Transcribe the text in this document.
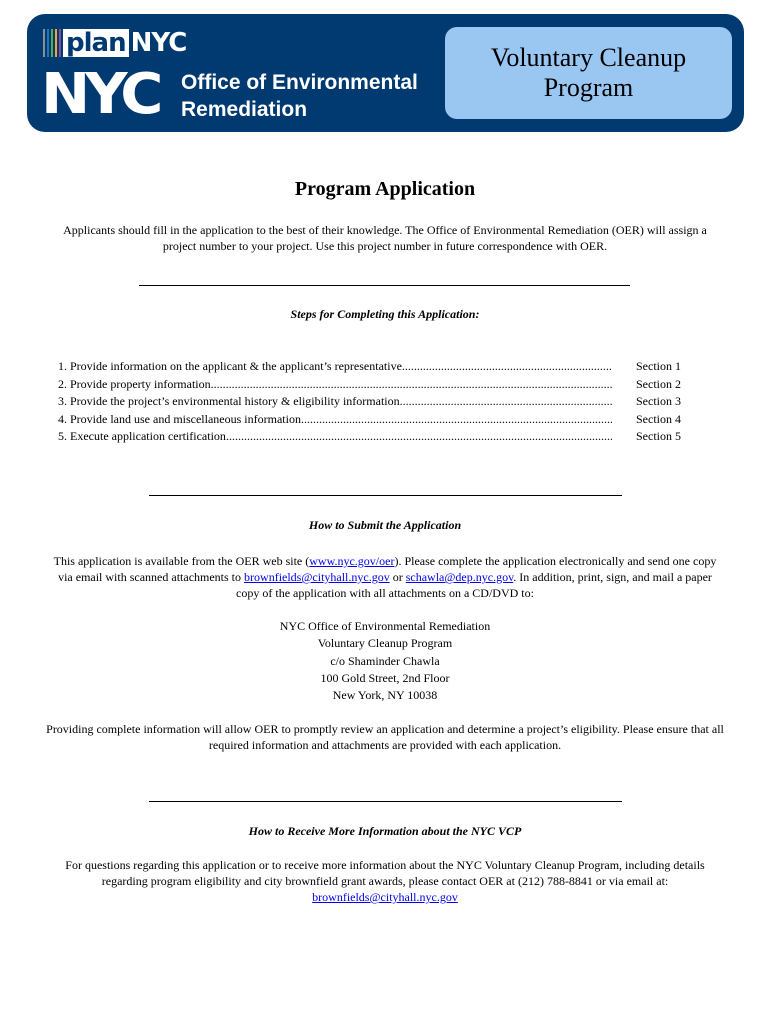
plan NYC
NYC Office of Environmental
Remediation
Voluntary Cleanup
Program
Program Application
Applicants should fill in the application to the best of their knowledge. The Office of Environmental Remediation (OER) will assign a project number to your project. Use this project number in future correspondence with OER.
Steps for Completing this Application:
1. Provide information on the applicant & the applicant’s representative .....	Section 1
2. Provide property information .....	Section 2
3. Provide the project’s environmental history & eligibility information .....	Section 3
4. Provide land use and miscellaneous information .....	Section 4
5. Execute application certification .....	Section 5
How to Submit the Application
This application is available from the OER web site (www.nyc.gov/oer). Please complete the application electronically and send one copy via email with scanned attachments to brownfields@cityhall.nyc.gov or schawla@dep.nyc.gov. In addition, print, sign, and mail a paper copy of the application with all attachments on a CD/DVD to:
NYC Office of Environmental Remediation
Voluntary Cleanup Program
c/o Shaminder Chawla
100 Gold Street, 2nd Floor
New York, NY 10038
Providing complete information will allow OER to promptly review an application and determine a project’s eligibility. Please ensure that all required information and attachments are provided with each application.
How to Receive More Information about the NYC VCP
For questions regarding this application or to receive more information about the NYC Voluntary Cleanup Program, including details regarding program eligibility and city brownfield grant awards, please contact OER at (212) 788-8841 or via email at: brownfields@cityhall.nyc.gov
